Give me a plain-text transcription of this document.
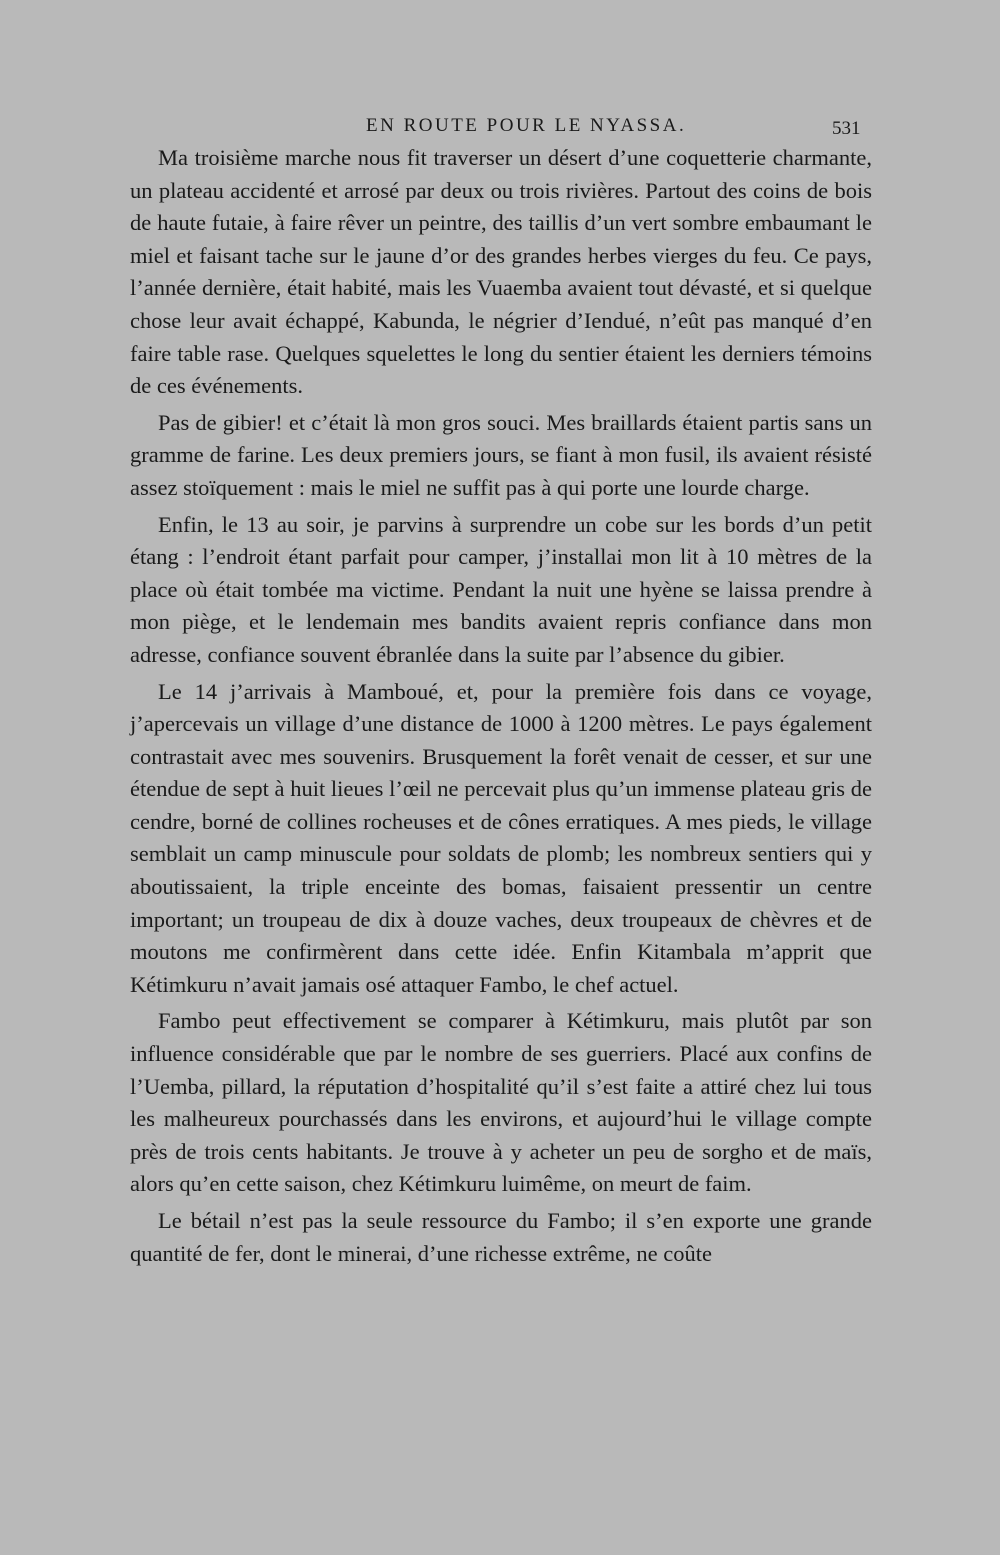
EN ROUTE POUR LE NYASSA.	531

Ma troisième marche nous fit traverser un désert d’une coquetterie charmante, un plateau accidenté et arrosé par deux ou trois rivières. Partout des coins de bois de haute futaie, à faire rêver un peintre, des taillis d’un vert sombre embaumant le miel et faisant tache sur le jaune d’or des grandes herbes vierges du feu. Ce pays, l’année dernière, était habité, mais les Vuaemba avaient tout dévasté, et si quelque chose leur avait échappé, Kabunda, le négrier d’Iendué, n’eût pas manqué d’en faire table rase. Quelques squelettes le long du sentier étaient les derniers témoins de ces événements.

Pas de gibier! et c’était là mon gros souci. Mes braillards étaient partis sans un gramme de farine. Les deux premiers jours, se fiant à mon fusil, ils avaient résisté assez stoïquement : mais le miel ne suffit pas à qui porte une lourde charge.

Enfin, le 13 au soir, je parvins à surprendre un cobe sur les bords d’un petit étang : l’endroit étant parfait pour camper, j’installai mon lit à 10 mètres de la place où était tombée ma victime. Pendant la nuit une hyène se laissa prendre à mon piège, et le lendemain mes bandits avaient repris confiance dans mon adresse, confiance souvent ébranlée dans la suite par l’absence du gibier.

Le 14 j’arrivais à Mamboué, et, pour la première fois dans ce voyage, j’apercevais un village d’une distance de 1000 à 1200 mètres. Le pays également contrastait avec mes souvenirs. Brusquement la forêt venait de cesser, et sur une étendue de sept à huit lieues l’œil ne percevait plus qu’un immense plateau gris de cendre, borné de collines rocheuses et de cônes erratiques. A mes pieds, le village semblait un camp minuscule pour soldats de plomb; les nombreux sentiers qui y aboutissaient, la triple enceinte des bomas, faisaient pressentir un centre important; un troupeau de dix à douze vaches, deux troupeaux de chèvres et de moutons me confirmèrent dans cette idée. Enfin Kitambala m’apprit que Kétimkuru n’avait jamais osé attaquer Fambo, le chef actuel.

Fambo peut effectivement se comparer à Kétimkuru, mais plutôt par son influence considérable que par le nombre de ses guerriers. Placé aux confins de l’Uemba, pillard, la réputation d’hospitalité qu’il s’est faite a attiré chez lui tous les malheureux pourchassés dans les environs, et aujourd’hui le village compte près de trois cents habitants. Je trouve à y acheter un peu de sorgho et de maïs, alors qu’en cette saison, chez Kétimkuru luimême, on meurt de faim.

Le bétail n’est pas la seule ressource du Fambo; il s’en exporte une grande quantité de fer, dont le minerai, d’une richesse extrême, ne coûte
